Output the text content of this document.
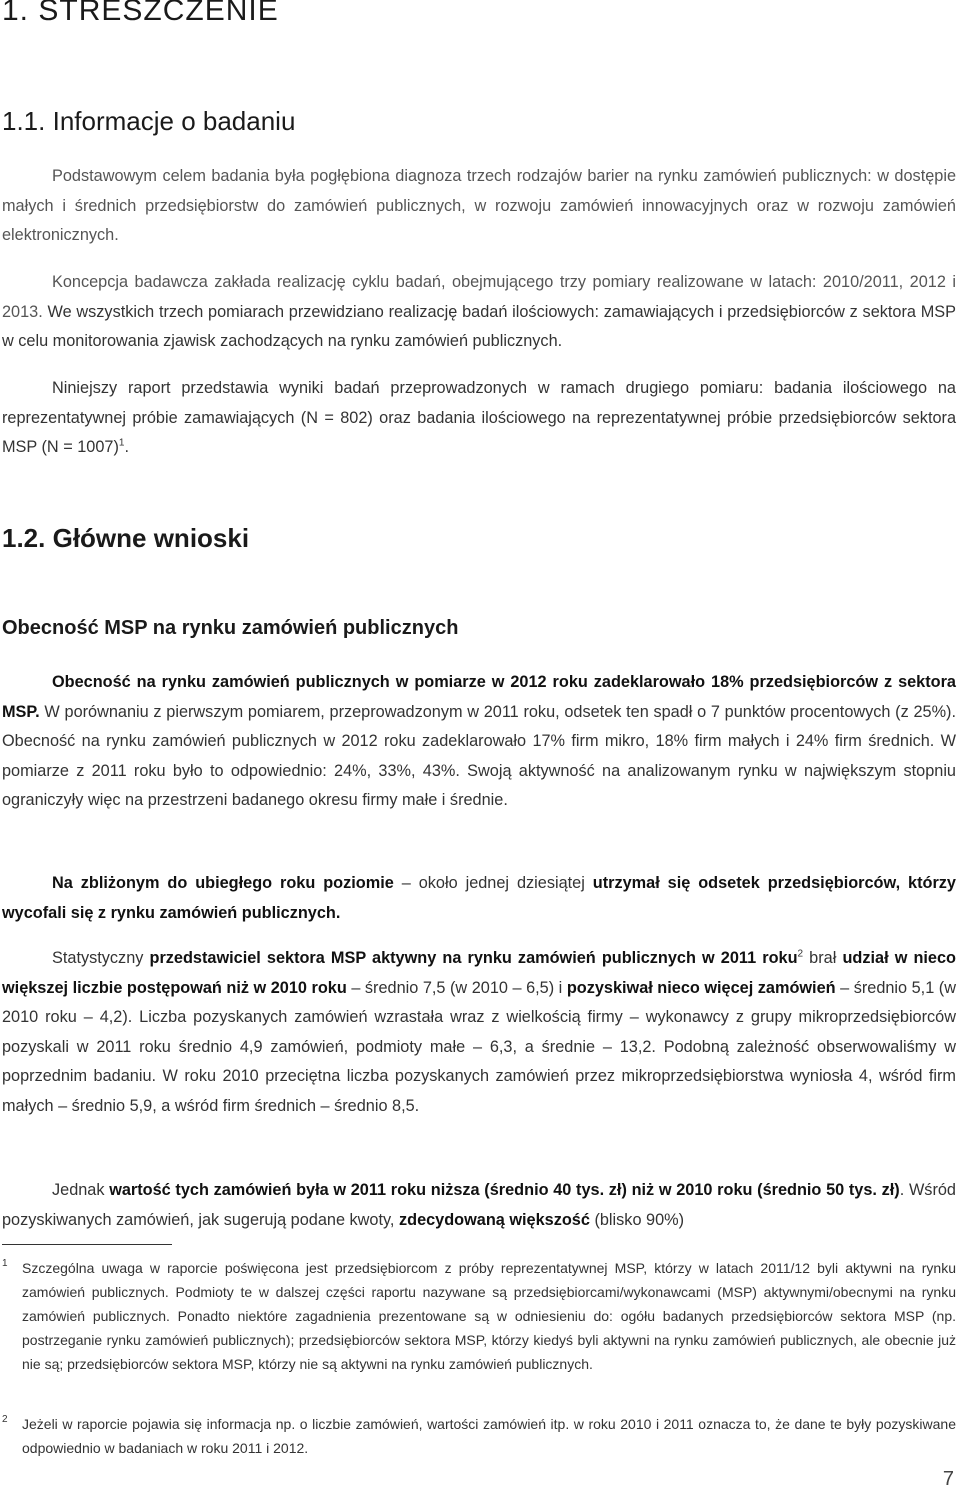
1. STRESZCZENIE
1.1. Informacje o badaniu

Podstawowym celem badania była pogłębiona diagnoza trzech rodzajów barier na rynku zamówień publicznych: w dostępie małych i średnich przedsiębiorstw do zamówień publicznych, w rozwoju zamówień innowacyjnych oraz w rozwoju zamówień elektronicznych.

Koncepcja badawcza zakłada realizację cyklu badań, obejmującego trzy pomiary realizowane w latach: 2010/2011, 2012 i 2013. We wszystkich trzech pomiarach przewidziano realizację badań ilościowych: zamawiających i przedsiębiorców z sektora MSP w celu monitorowania zjawisk zachodzących na rynku zamówień publicznych.

Niniejszy raport przedstawia wyniki badań przeprowadzonych w ramach drugiego pomiaru: badania ilościowego na reprezentatywnej próbie zamawiających (N = 802) oraz badania ilościowego na reprezentatywnej próbie przedsiębiorców sektora MSP (N = 1007)$^1$.

1.2. Główne wnioski
Obecność MSP na rynku zamówień publicznych

Obecność na rynku zamówień publicznych w pomiarze w 2012 roku zadeklarowało 18% przedsiębiorców z sektora MSP. W porównaniu z pierwszym pomiarem, przeprowadzonym w 2011 roku, odsetek ten spadł o 7 punktów procentowych (z 25%). Obecność na rynku zamówień publicznych w 2012 roku zadeklarowało 17% firm mikro, 18% firm małych i 24% firm średnich. W pomiarze z 2011 roku było to odpowiednio: 24%, 33%, 43%. Swoją aktywność na analizowanym rynku w największym stopniu ograniczyły więc na przestrzeni badanego okresu firmy małe i średnie.

Na zbliżonym do ubiegłego roku poziomie – około jednej dziesiątej utrzymał się odsetek przedsiębiorców, którzy wycofali się z rynku zamówień publicznych.

Statystyczny przedstawiciel sektora MSP aktywny na rynku zamówień publicznych w 2011 roku$^2$ brał udział w nieco większej liczbie postępowań niż w 2010 roku – średnio 7,5 (w 2010 – 6,5) i pozyskiwał nieco więcej zamówień – średnio 5,1 (w 2010 roku – 4,2). Liczba pozyskanych zamówień wzrastała wraz z wielkością firmy – wykonawcy z grupy mikroprzedsiębiorców pozyskali w 2011 roku średnio 4,9 zamówień, podmioty małe – 6,3, a średnie – 13,2. Podobną zależność obserwowaliśmy w poprzednim badaniu. W roku 2010 przeciętna liczba pozyskanych zamówień przez mikroprzedsiębiorstwa wyniosła 4, wśród firm małych – średnio 5,9, a wśród firm średnich – średnio 8,5.

Jednak wartość tych zamówień była w 2011 roku niższa (średnio 40 tys. zł) niż w 2010 roku (średnio 50 tys. zł). Wśród pozyskiwanych zamówień, jak sugerują podane kwoty, zdecydowaną większość (blisko 90%)

1 Szczególna uwaga w raporcie poświęcona jest przedsiębiorcom z próby reprezentatywnej MSP, którzy w latach 2011/12 byli aktywni na rynku zamówień publicznych. Podmioty te w dalszej części raportu nazywane są przedsiębiorcami/wykonawcami (MSP) aktywnymi/obecnymi na rynku zamówień publicznych. Ponadto niektóre zagadnienia prezentowane są w odniesieniu do: ogółu badanych przedsiębiorców sektora MSP (np. postrzeganie rynku zamówień publicznych); przedsiębiorców sektora MSP, którzy kiedyś byli aktywni na rynku zamówień publicznych, ale obecnie już nie są; przedsiębiorców sektora MSP, którzy nie są aktywni na rynku zamówień publicznych.
2 Jeżeli w raporcie pojawia się informacja np. o liczbie zamówień, wartości zamówień itp. w roku 2010 i 2011 oznacza to, że dane te były pozyskiwane odpowiednio w badaniach w roku 2011 i 2012.

7
